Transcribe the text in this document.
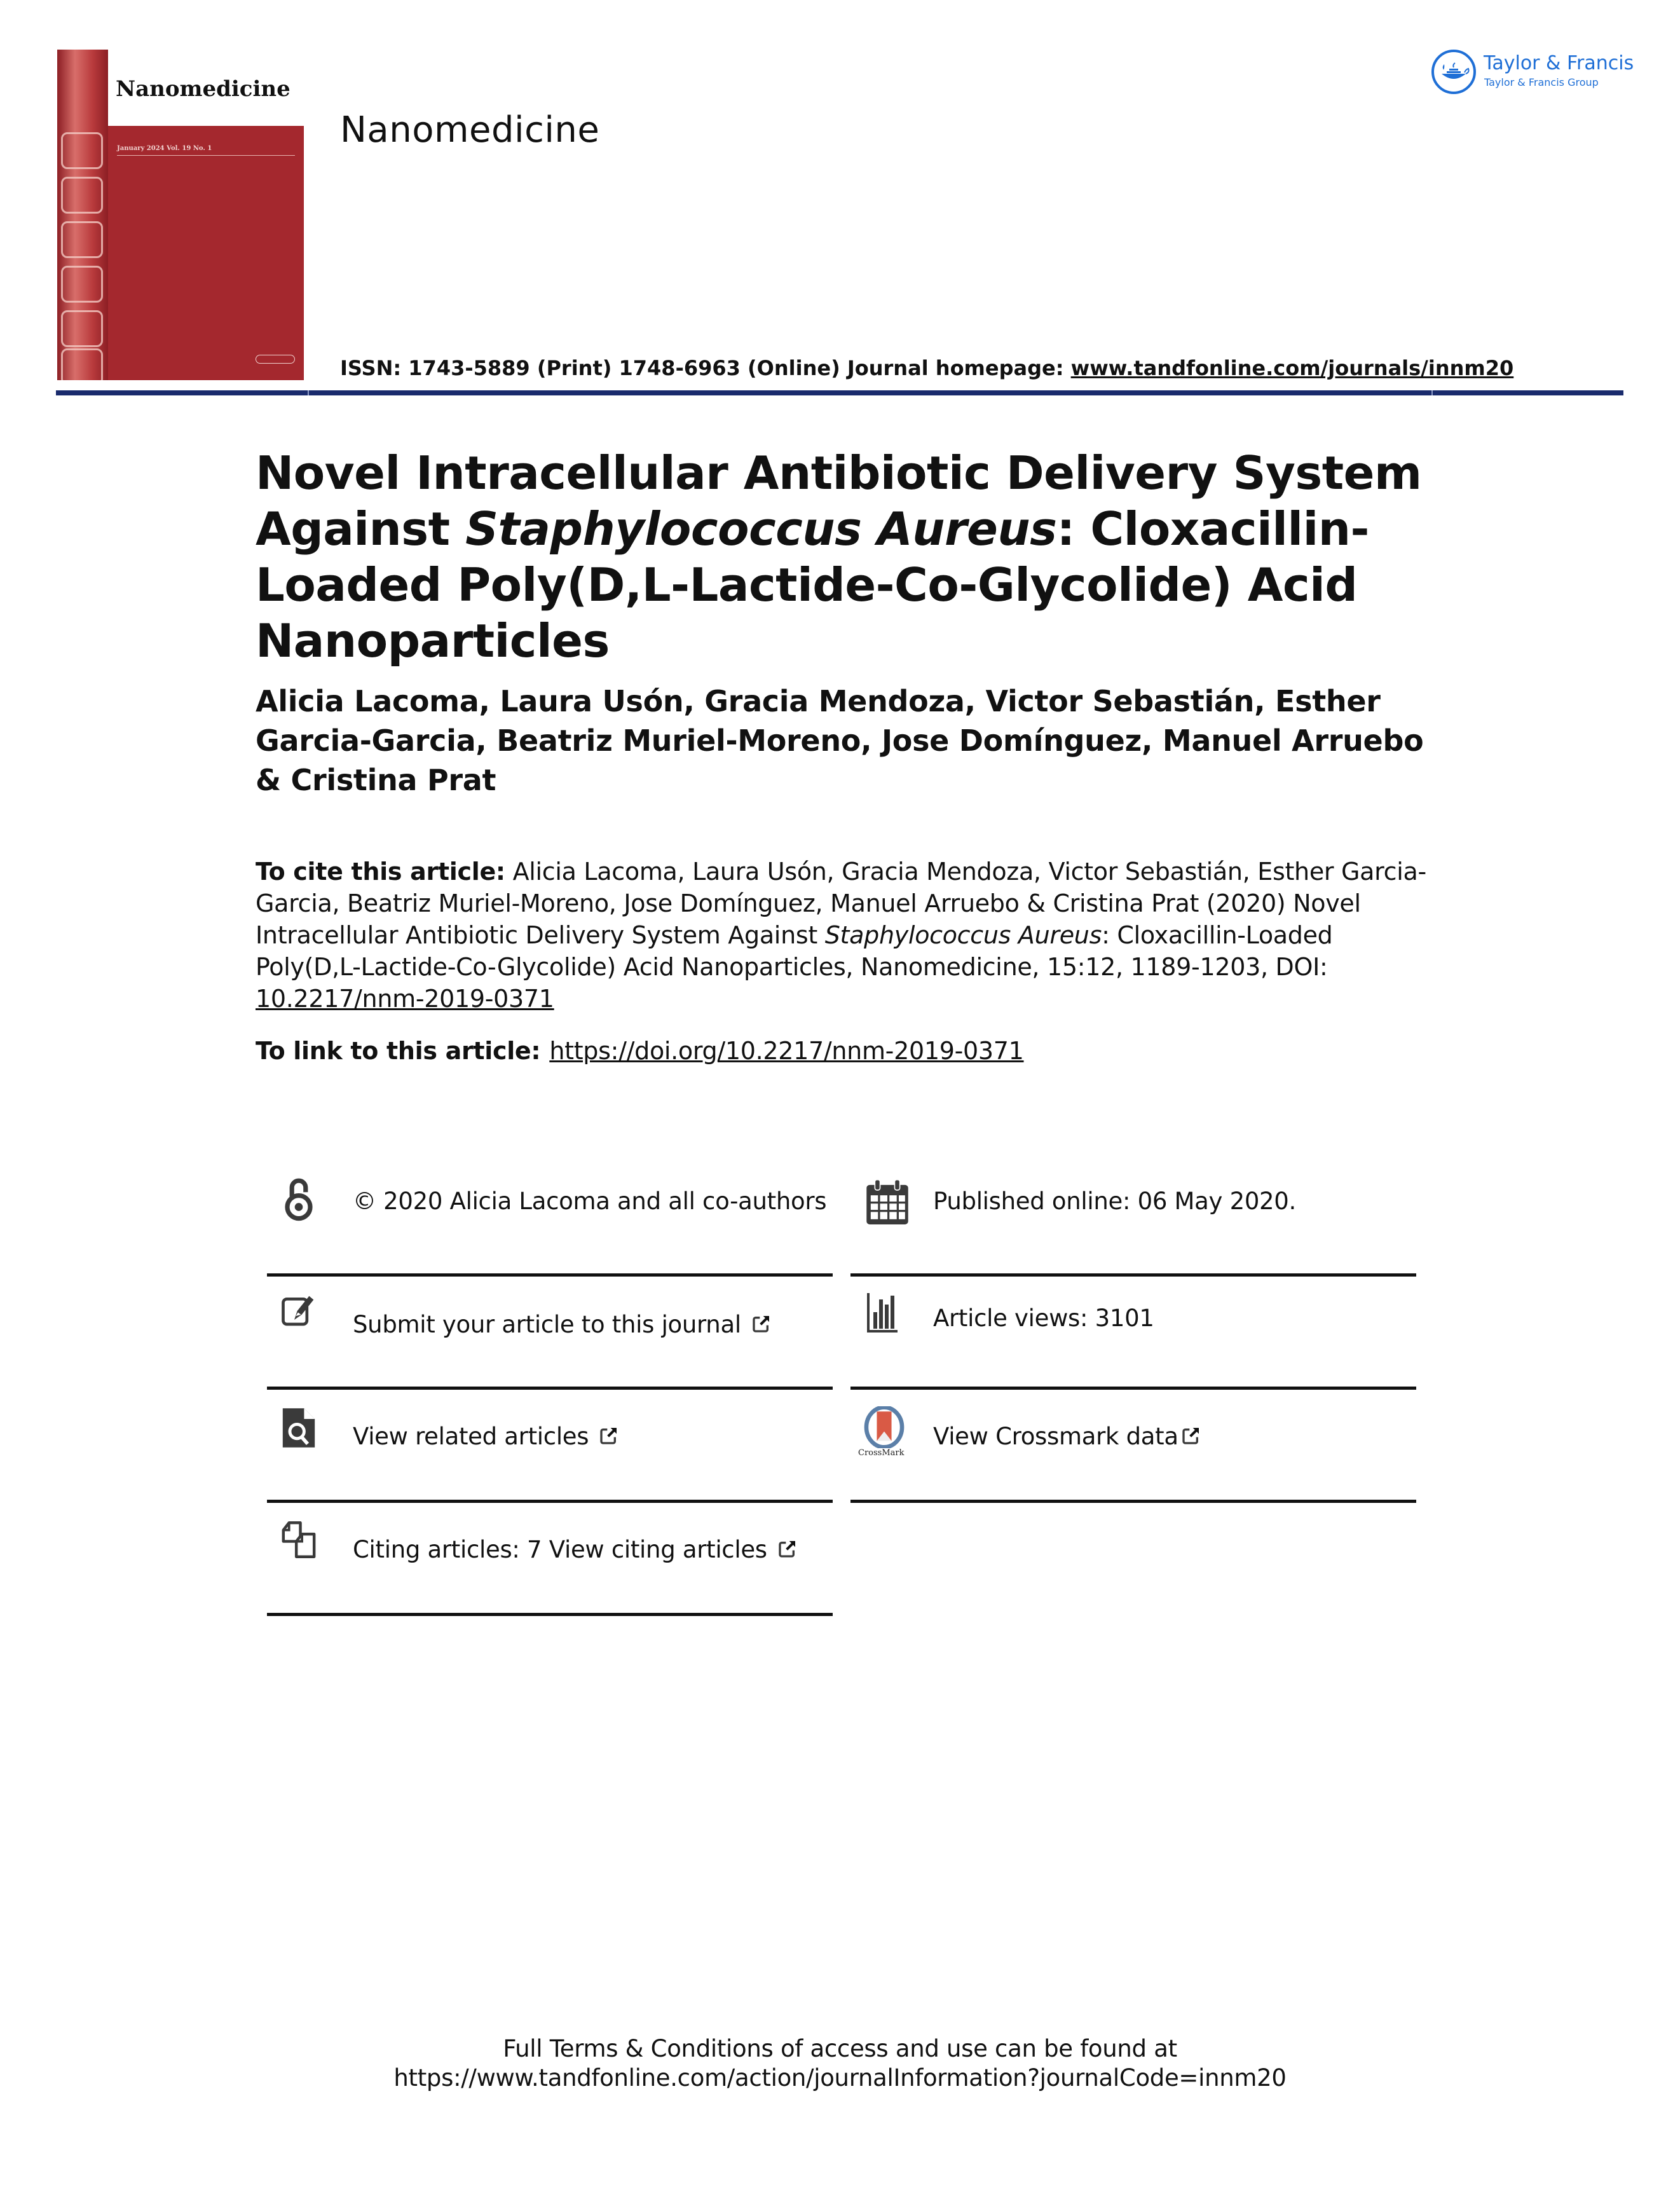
Nanomedicine
January 2024 Vol. 19 No. 1	Nanomedicine
Taylor & Francis
Taylor & Francis Group
ISSN: 1743-5889 (Print) 1748-6963 (Online) Journal homepage: www.tandfonline.com/journals/innm20
Novel Intracellular Antibiotic Delivery System Against Staphylococcus Aureus: Cloxacillin-Loaded Poly(D,L-Lactide-Co-Glycolide) Acid Nanoparticles
Alicia Lacoma, Laura Usón, Gracia Mendoza, Victor Sebastián, Esther Garcia-Garcia, Beatriz Muriel-Moreno, Jose Domínguez, Manuel Arruebo & Cristina Prat
To cite this article: Alicia Lacoma, Laura Usón, Gracia Mendoza, Victor Sebastián, Esther Garcia-Garcia, Beatriz Muriel-Moreno, Jose Domínguez, Manuel Arruebo & Cristina Prat (2020) Novel Intracellular Antibiotic Delivery System Against Staphylococcus Aureus: Cloxacillin-Loaded Poly(D,L-Lactide-Co-Glycolide) Acid Nanoparticles, Nanomedicine, 15:12, 1189-1203, DOI: 10.2217/nnm-2019-0371
To link to this article: https://doi.org/10.2217/nnm-2019-0371
© 2020 Alicia Lacoma and all co-authors
Submit your article to this journal
View related articles
Citing articles: 7 View citing articles
Published online: 06 May 2020.
Article views: 3101
CrossMark
View Crossmark data
Full Terms & Conditions of access and use can be found at
https://www.tandfonline.com/action/journalInformation?journalCode=innm20
